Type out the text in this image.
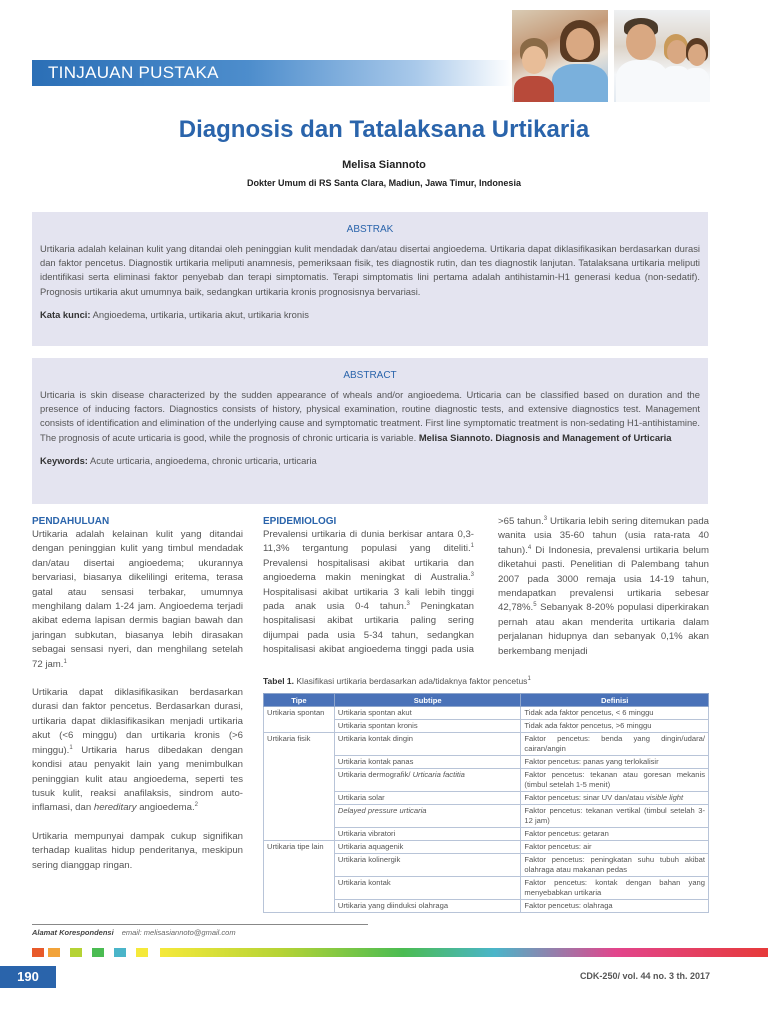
TINJAUAN PUSTAKA
Diagnosis dan Tatalaksana Urtikaria
Melisa Siannoto
Dokter Umum di RS Santa Clara, Madiun, Jawa Timur, Indonesia
ABSTRAK
Urtikaria adalah kelainan kulit yang ditandai oleh peninggian kulit mendadak dan/atau disertai angioedema. Urtikaria dapat diklasifikasikan berdasarkan durasi dan faktor pencetus. Diagnostik urtikaria meliputi anamnesis, pemeriksaan fisik, tes diagnostik rutin, dan tes diagnostik lanjutan. Tatalaksana urtikaria meliputi identifikasi serta eliminasi faktor penyebab dan terapi simptomatis. Terapi simptomatis lini pertama adalah antihistamin-H1 generasi kedua (non-sedatif). Prognosis urtikaria akut umumnya baik, sedangkan urtikaria kronis prognosisnya bervariasi.
Kata kunci: Angioedema, urtikaria, urtikaria akut, urtikaria kronis
ABSTRACT
Urticaria is skin disease characterized by the sudden appearance of wheals and/or angioedema. Urticaria can be classified based on duration and the presence of inducing factors. Diagnostics consists of history, physical examination, routine diagnostic tests, and extensive diagnostics test. Management consists of identification and elimination of the underlying cause and symptomatic treatment. First line symptomatic treatment is non-sedating H1-antihistamine. The prognosis of acute urticaria is good, while the prognosis of chronic urticaria is variable. Melisa Siannoto. Diagnosis and Management of Urticaria
Keywords: Acute urticaria, angioedema, chronic urticaria, urticaria
PENDAHULUAN

Urtikaria adalah kelainan kulit yang ditandai dengan peninggian kulit yang timbul mendadak dan/atau disertai angioedema; ukurannya bervariasi, biasanya dikelilingi eritema, terasa gatal atau sensasi terbakar, umumnya menghilang dalam 1-24 jam. Angioedema terjadi akibat edema lapisan dermis bagian bawah dan jaringan subkutan, biasanya lebih dirasakan sebagai sensasi nyeri, dan menghilang setelah 72 jam.$^1$

Urtikaria dapat diklasifikasikan berdasarkan durasi dan faktor pencetus. Berdasarkan durasi, urtikaria dapat diklasifikasikan menjadi urtikaria akut (<6 minggu) dan urtikaria kronis (>6 minggu).$^1$ Urtikaria harus dibedakan dengan kondisi atau penyakit lain yang menimbulkan peninggian kulit atau angioedema, seperti tes tusuk kulit, reaksi anafilaksis, sindrom auto-inflamasi, dan hereditary angioedema.$^2$

Urtikaria mempunyai dampak cukup signifikan terhadap kualitas hidup penderitanya, meskipun sering dianggap ringan.

EPIDEMIOLOGI

Prevalensi urtikaria di dunia berkisar antara 0,3-11,3% tergantung populasi yang diteliti.$^1$ Prevalensi hospitalisasi akibat urtikaria dan angioedema makin meningkat di Australia.$^3$ Hospitalisasi akibat urtikaria 3 kali lebih tinggi pada anak usia 0-4 tahun.$^3$ Peningkatan hospitalisasi akibat urtikaria paling sering dijumpai pada usia 5-34 tahun, sedangkan hospitalisasi akibat angioedema tinggi pada usia >65 tahun.$^3$ Urtikaria lebih sering ditemukan pada wanita usia 35-60 tahun (usia rata-rata 40 tahun).$^4$ Di Indonesia, prevalensi urtikaria belum diketahui pasti. Penelitian di Palembang tahun 2007 pada 3000 remaja usia 14-19 tahun, mendapatkan prevalensi urtikaria sebesar 42,78%.$^5$ Sebanyak 8-20% populasi diperkirakan pernah atau akan menderita urtikaria dalam perjalanan hidupnya dan sebanyak 0,1% akan berkembang menjadi

Tabel 1. Klasifikasi urtikaria berdasarkan ada/tidaknya faktor pencetus$^1$
Tipe	Subtipe	Definisi
Urtikaria spontan	Urtikaria spontan akut	Tidak ada faktor pencetus, < 6 minggu
	Urtikaria spontan kronis	Tidak ada faktor pencetus, >6 minggu
Urtikaria fisik	Urtikaria kontak dingin	Faktor pencetus: benda yang dingin/udara/ cairan/angin
	Urtikaria kontak panas	Faktor pencetus: panas yang terlokalisir
	Urtikaria dermografik/ Urticaria factitia	Faktor pencetus: tekanan atau goresan mekanis (timbul setelah 1-5 menit)
	Urtikaria solar	Faktor pencetus: sinar UV dan/atau visible light
	Delayed pressure urticaria	Faktor pencetus: tekanan vertikal (timbul setelah 3-12 jam)
	Urtikaria vibratori	Faktor pencetus: getaran
Urtikaria tipe lain	Urtikaria aquagenik	Faktor pencetus: air
	Urtikaria kolinergik	Faktor pencetus: peningkatan suhu tubuh akibat olahraga atau makanan pedas
	Urtikaria kontak	Faktor pencetus: kontak dengan bahan yang menyebabkan urtikaria
	Urtikaria yang diinduksi olahraga	Faktor pencetus: olahraga
Alamat Korespondensi email: melisasiannoto@gmail.com
190	CDK-250/ vol. 44 no. 3 th. 2017
